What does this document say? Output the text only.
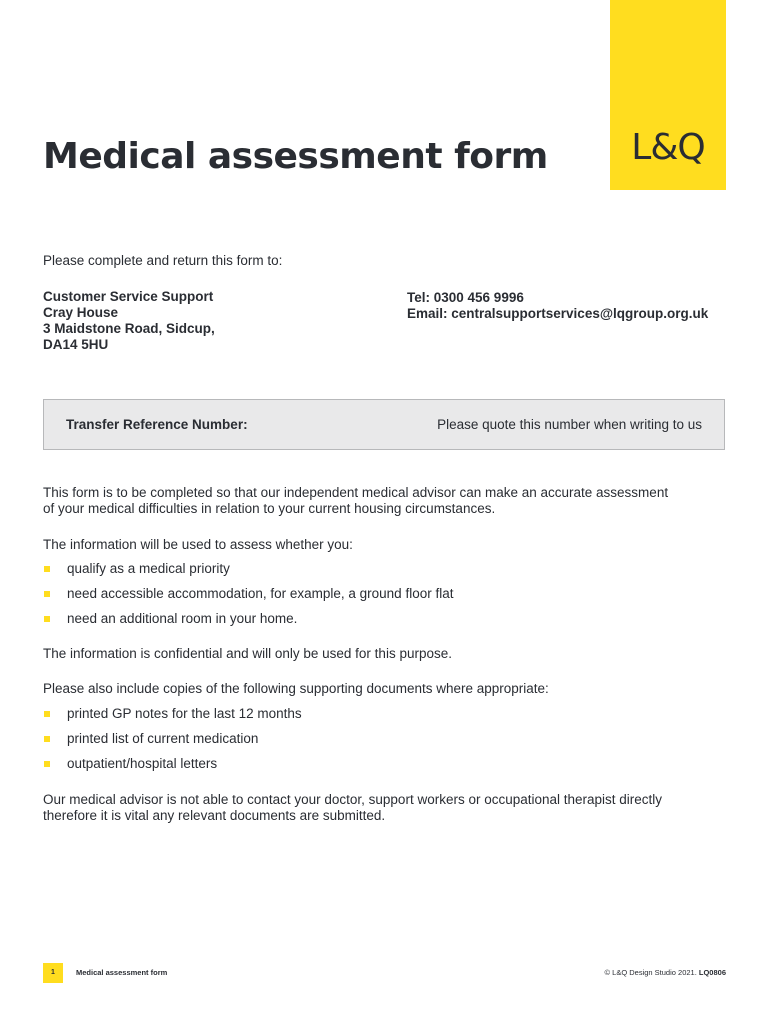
L&Q
Medical assessment form
Please complete and return this form to:
Customer Service Support
Cray House
3 Maidstone Road, Sidcup,
DA14 5HU
Tel: 0300 456 9996
Email: centralsupportservices@lqgroup.org.uk
Transfer Reference Number:	Please quote this number when writing to us

This form is to be completed so that our independent medical advisor can make an accurate assessment
of your medical difficulties in relation to your current housing circumstances.

The information will be used to assess whether you:

qualify as a medical priority
need accessible accommodation, for example, a ground floor flat
need an additional room in your home.

The information is confidential and will only be used for this purpose.

Please also include copies of the following supporting documents where appropriate:

printed GP notes for the last 12 months
printed list of current medication
outpatient/hospital letters

Our medical advisor is not able to contact your doctor, support workers or occupational therapist directly
therefore it is vital any relevant documents are submitted.

1	Medical assessment form	© L&Q Design Studio 2021. LQ0806
